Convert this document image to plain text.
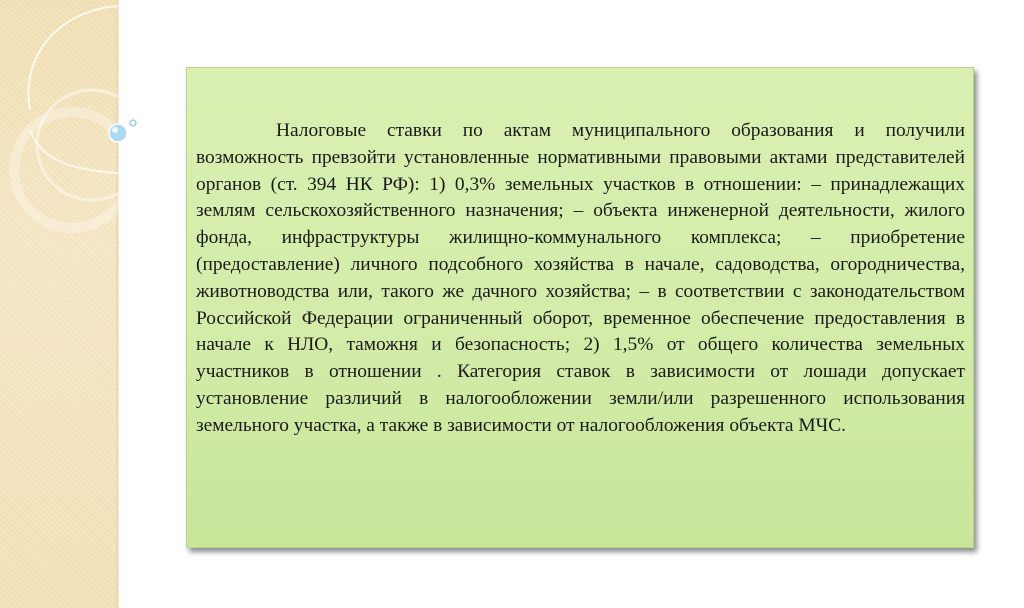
Налоговые ставки по актам муниципального образования и получили возможность превзойти установленные нормативными правовыми актами представителей органов (ст. 394 НК РФ): 1) 0,3% земельных участков в отношении: – принадлежащих землям сельскохозяйственного назначения; – объекта инженерной деятельности, жилого фонда, инфраструктуры жилищно-коммунального комплекса; – приобретение (предоставление) личного подсобного хозяйства в начале, садоводства, огородничества, животноводства или, такого же дачного хозяйства; – в соответствии с законодательством Российской Федерации ограниченный оборот, временное обеспечение предоставления в начале к НЛО, таможня и безопасность; 2) 1,5% от общего количества земельных участников в отношении . Категория ставок в зависимости от лошади допускает установление различий в налогообложении земли/или разрешенного использования земельного участка, а также в зависимости от налогообложения объекта МЧС.
